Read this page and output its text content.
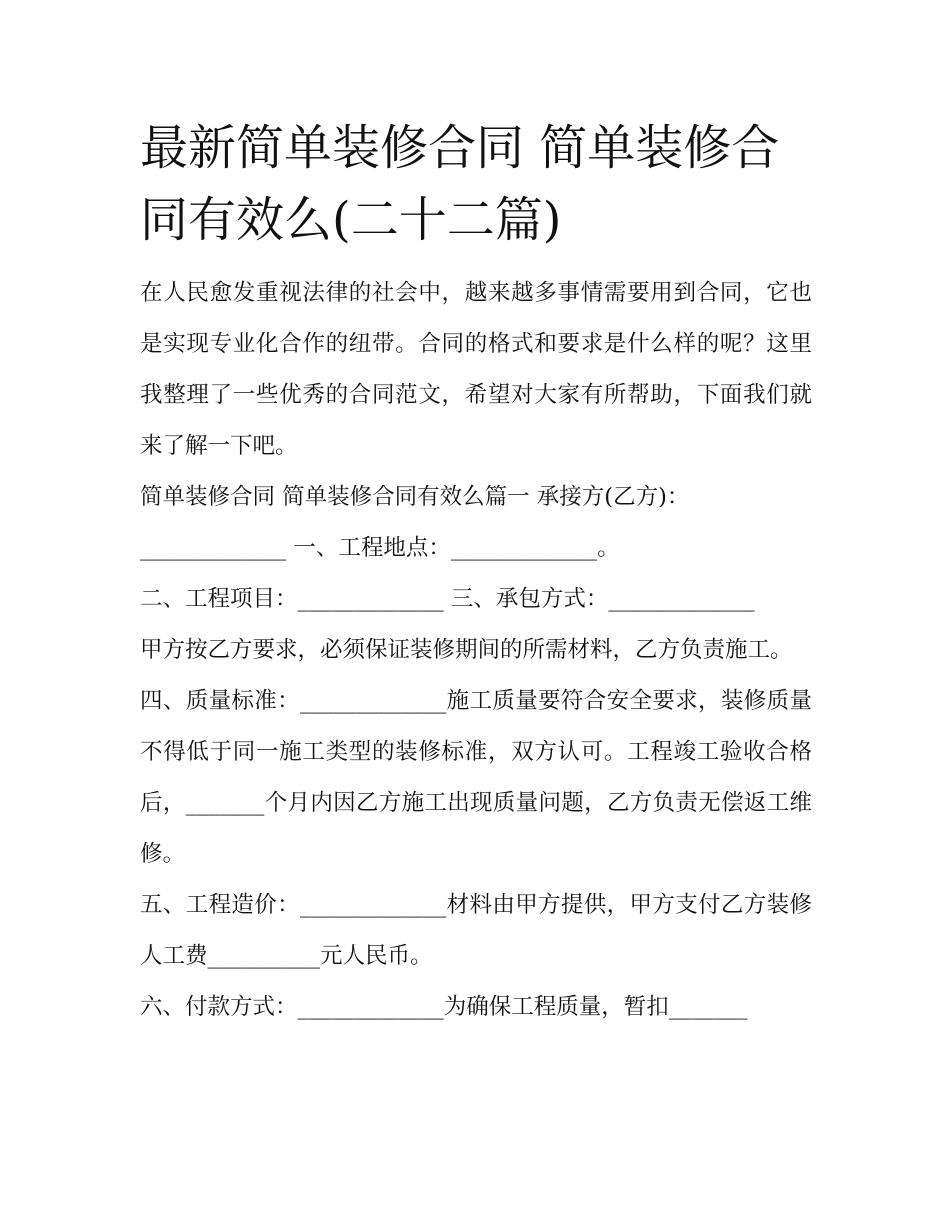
最新简单装修合同 简单装修合同有效么(二十二篇)

在人民愈发重视法律的社会中，越来越多事情需要用到合同，它也是实现专业化合作的纽带。合同的格式和要求是什么样的呢？这里我整理了一些优秀的合同范文，希望对大家有所帮助，下面我们就来了解一下吧。

简单装修合同 简单装修合同有效么篇一 承接方(乙方)：

_____________ 一、工程地点：_____________。

二、工程项目：_____________ 三、承包方式：_____________

甲方按乙方要求，必须保证装修期间的所需材料，乙方负责施工。

四、质量标准：_____________施工质量要符合安全要求，装修质量不得低于同一施工类型的装修标准，双方认可。工程竣工验收合格后，_______个月内因乙方施工出现质量问题，乙方负责无偿返工维修。

五、工程造价：_____________材料由甲方提供，甲方支付乙方装修人工费__________元人民币。

六、付款方式：_____________为确保工程质量，暂扣_______
